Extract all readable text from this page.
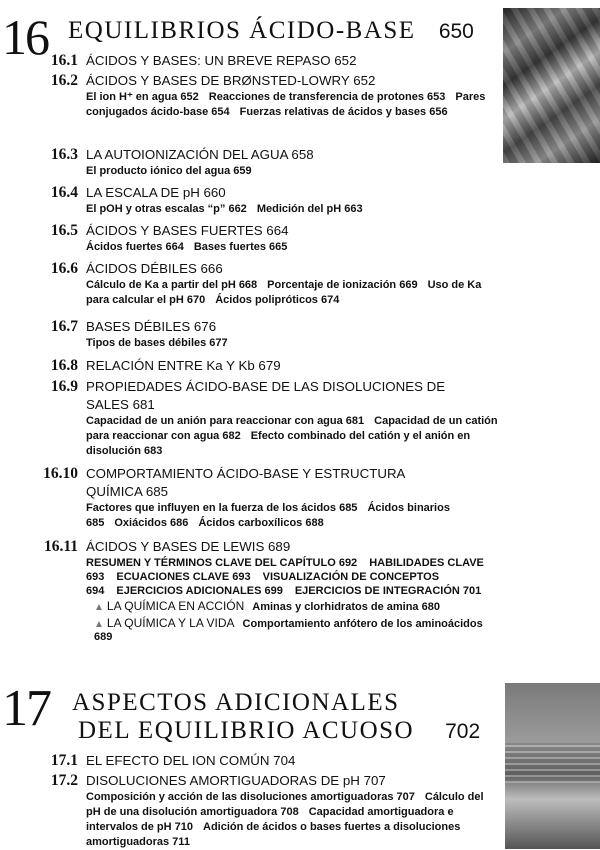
16 EQUILIBRIOS ÁCIDO-BASE 650
16.1 ÁCIDOS Y BASES: UN BREVE REPASO 652
16.2 ÁCIDOS Y BASES DE BRØNSTED-LOWRY 652
El ion H⁺ en agua 652 Reacciones de transferencia de protones 653 Pares conjugados ácido-base 654 Fuerzas relativas de ácidos y bases 656
16.3 LA AUTOIONIZACIÓN DEL AGUA 658
El producto iónico del agua 659
16.4 LA ESCALA DE pH 660
El pOH y otras escalas “p” 662 Medición del pH 663
16.5 ÁCIDOS Y BASES FUERTES 664
Ácidos fuertes 664 Bases fuertes 665
16.6 ÁCIDOS DÉBILES 666
Cálculo de Ka a partir del pH 668 Porcentaje de ionización 669 Uso de Ka para calcular el pH 670 Ácidos polipróticos 674
16.7 BASES DÉBILES 676
Tipos de bases débiles 677
16.8 RELACIÓN ENTRE Ka Y Kb 679
16.9 PROPIEDADES ÁCIDO-BASE DE LAS DISOLUCIONES DE SALES 681
Capacidad de un anión para reaccionar con agua 681 Capacidad de un catión para reaccionar con agua 682 Efecto combinado del catión y el anión en disolución 683
16.10 COMPORTAMIENTO ÁCIDO-BASE Y ESTRUCTURA QUÍMICA 685
Factores que influyen en la fuerza de los ácidos 685 Ácidos binarios 685 Oxiácidos 686 Ácidos carboxílicos 688
16.11 ÁCIDOS Y BASES DE LEWIS 689
RESUMEN Y TÉRMINOS CLAVE DEL CAPÍTULO 692 HABILIDADES CLAVE 693 ECUACIONES CLAVE 693 VISUALIZACIÓN DE CONCEPTOS 694 EJERCICIOS ADICIONALES 699 EJERCICIOS DE INTEGRACIÓN 701
▲ LA QUÍMICA EN ACCIÓN Aminas y clorhidratos de amina 680
▲ LA QUÍMICA Y LA VIDA Comportamiento anfótero de los aminoácidos 689
17 ASPECTOS ADICIONALES
DEL EQUILIBRIO ACUOSO 702
17.1 EL EFECTO DEL ION COMÚN 704
17.2 DISOLUCIONES AMORTIGUADORAS DE pH 707
Composición y acción de las disoluciones amortiguadoras 707 Cálculo del pH de una disolución amortiguadora 708 Capacidad amortiguadora e intervalos de pH 710 Adición de ácidos o bases fuertes a disoluciones amortiguadoras 711
